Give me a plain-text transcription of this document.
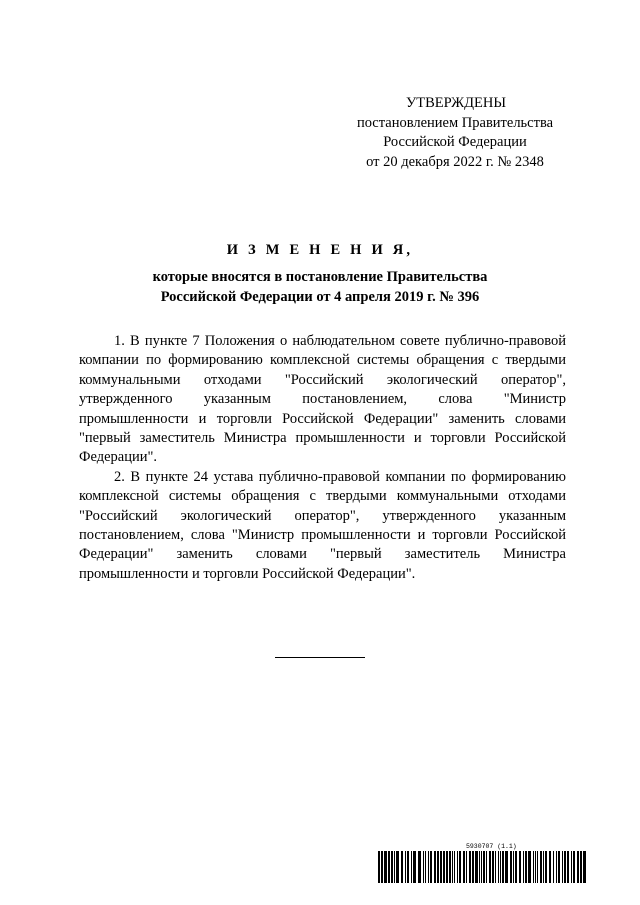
УТВЕРЖДЕНЫ
постановлением Правительства
Российской Федерации
от 20 декабря 2022 г. № 2348
И З М Е Н Е Н И Я,
которые вносятся в постановление Правительства
Российской Федерации от 4 апреля 2019 г. № 396

1. В пункте 7 Положения о наблюдательном совете публично-правовой компании по формированию комплексной системы обращения с твердыми коммунальными отходами "Российский экологический оператор", утвержденного указанным постановлением, слова "Министр промышленности и торговли Российской Федерации" заменить словами "первый заместитель Министра промышленности и торговли Российской Федерации".

2. В пункте 24 устава публично-правовой компании по формированию комплексной системы обращения с твердыми коммунальными отходами "Российский экологический оператор", утвержденного указанным постановлением, слова "Министр промышленности и торговли Российской Федерации" заменить словами "первый заместитель Министра промышленности и торговли Российской Федерации".

5930707 (1.1)
